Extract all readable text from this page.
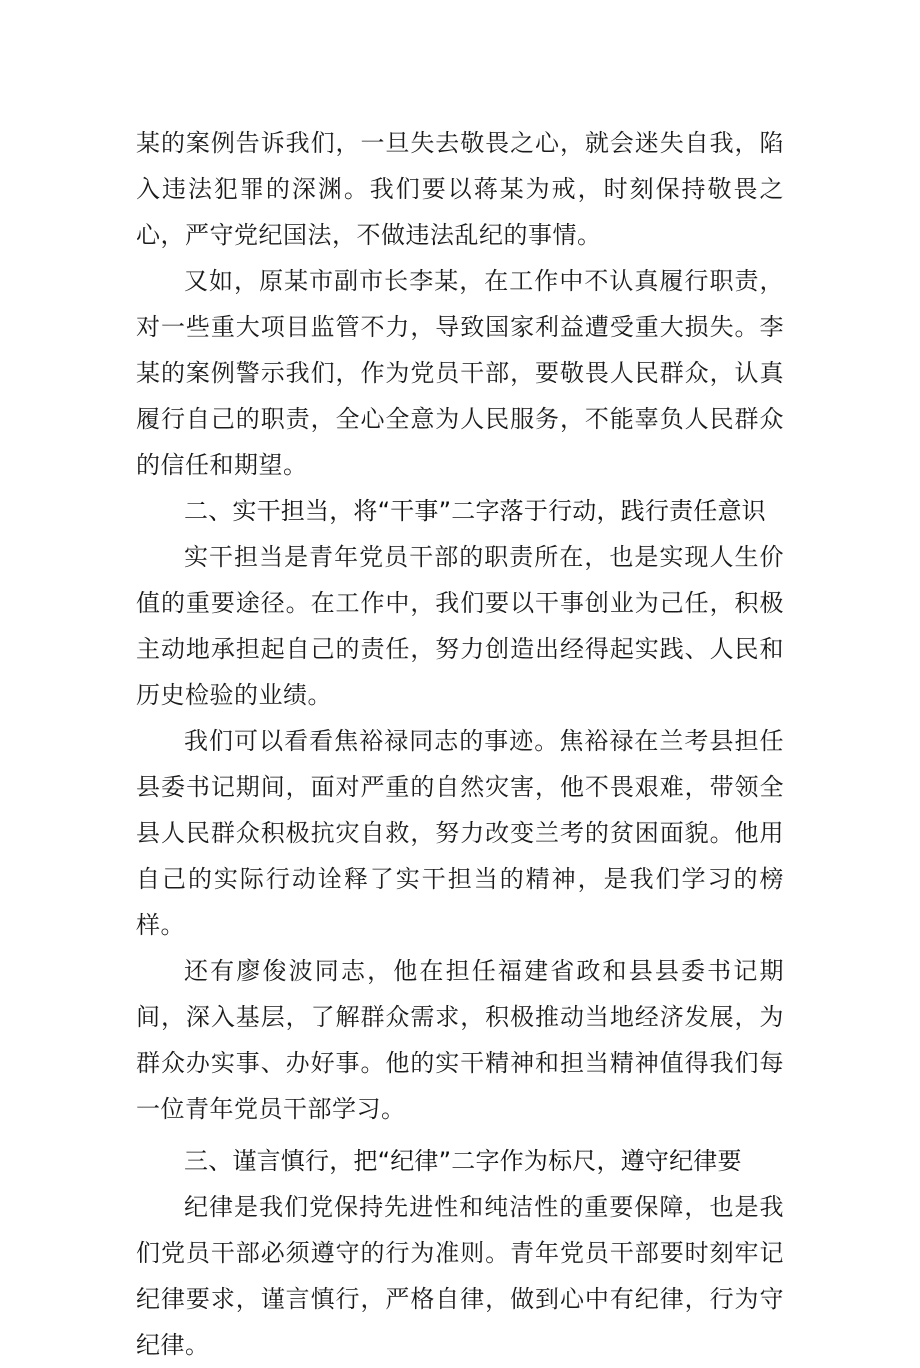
某的案例告诉我们，一旦失去敬畏之心，就会迷失自我，陷入违法犯罪的深渊。我们要以蒋某为戒，时刻保持敬畏之心，严守党纪国法，不做违法乱纪的事情。

又如，原某市副市长李某，在工作中不认真履行职责，对一些重大项目监管不力，导致国家利益遭受重大损失。李某的案例警示我们，作为党员干部，要敬畏人民群众，认真履行自己的职责，全心全意为人民服务，不能辜负人民群众的信任和期望。

二、实干担当，将“干事”二字落于行动，践行责任意识

实干担当是青年党员干部的职责所在，也是实现人生价值的重要途径。在工作中，我们要以干事创业为己任，积极主动地承担起自己的责任，努力创造出经得起实践、人民和历史检验的业绩。

我们可以看看焦裕禄同志的事迹。焦裕禄在兰考县担任县委书记期间，面对严重的自然灾害，他不畏艰难，带领全县人民群众积极抗灾自救，努力改变兰考的贫困面貌。他用自己的实际行动诠释了实干担当的精神，是我们学习的榜样。

还有廖俊波同志，他在担任福建省政和县县委书记期间，深入基层，了解群众需求，积极推动当地经济发展，为群众办实事、办好事。他的实干精神和担当精神值得我们每一位青年党员干部学习。

三、谨言慎行，把“纪律”二字作为标尺，遵守纪律要

纪律是我们党保持先进性和纯洁性的重要保障，也是我们党员干部必须遵守的行为准则。青年党员干部要时刻牢记纪律要求，谨言慎行，严格自律，做到心中有纪律，行为守纪律。
